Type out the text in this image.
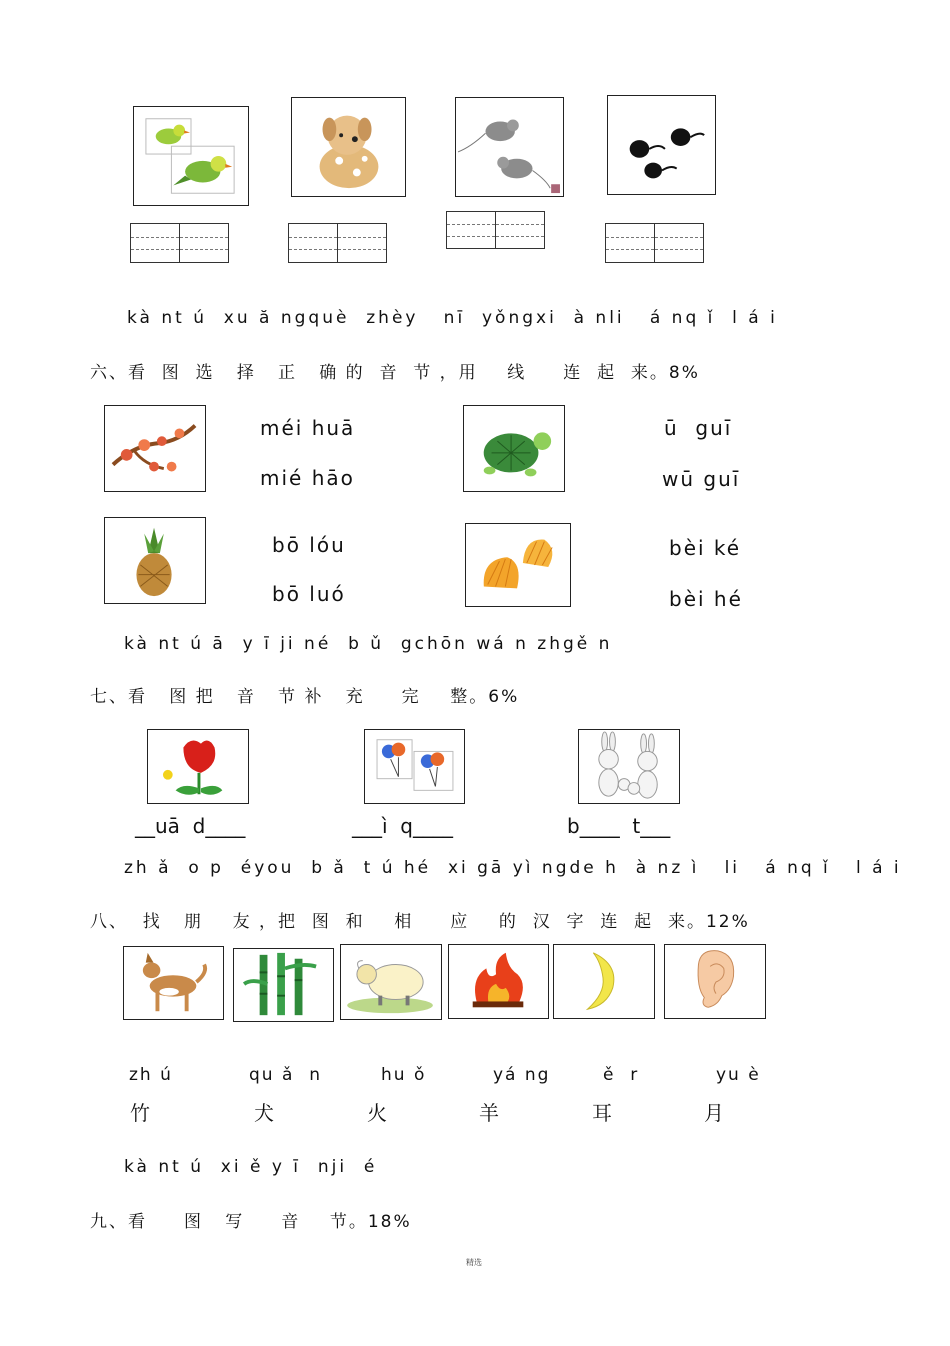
kà nt ú  xu ă ngquè  zhèy   nī  yǒngxi  à nli   á nq ǐ  l á i
六、看  图  选   择   正   确 的  音  节 ，用    线     连  起  来。8%
méi huā
mié hāo
ū  guī
wū guī
bō lóu
bō luó
bèi ké
bèi hé
kà nt ú ā  y ī ji né  b ǔ  gchōn wá n zhgě n
七、看   图 把   音   节 补   充     完    整。6%
__uā  d____	___ì  q____	b____  t___
zh ǎ  o p  éyou  b ǎ  t ú hé  xi gā yì ngde h  à nz ì   li   á nq ǐ   l á i
八、  找   朋    友 ，把  图  和    相     应    的  汉  字  连  起  来。12%
zh ú	qu ǎ  n	hu ǒ	yá ng	ě  r	yu è
竹	犬	火	羊	耳	月
kà nt ú  xi ě y ī  nji  é
九、看     图   写     音    节。18%
精选
